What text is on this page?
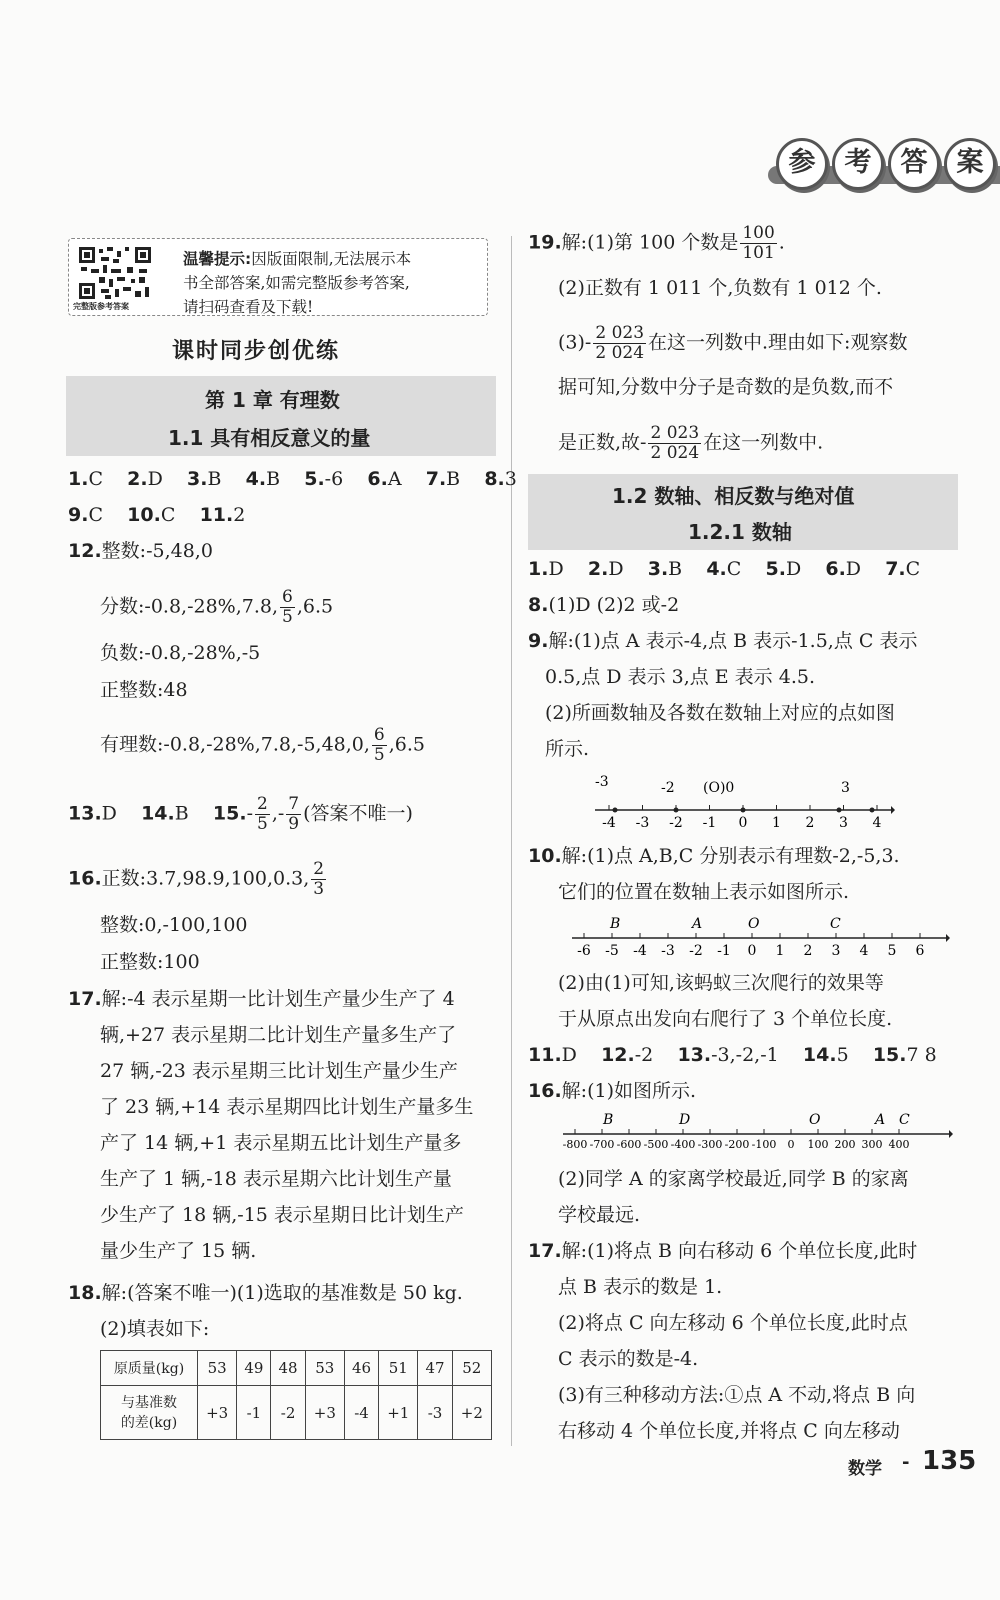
参	考	答	案
完整版参考答案
温馨提示:因版面限制,无法展示本
书全部答案,如需完整版参考答案,
请扫码查看及下载!
课时同步创优练
第 1 章 有理数
1.1 具有相反意义的量
1.C 2.D 3.B 4.B 5.-6 6.A 7.B 8.3
9.C 10.C 11.2
12.整数:-5,48,0
分数:-0.8,-28%,7.8, $\frac{6}{5} ,6.5$
负数:-0.8,-28%,-5
正整数:48
有理数:-0.8,-28%,7.8,-5,48,0, $\frac{6}{5} ,6.5$
13.D 14.B $15.- \frac{2}{5}$ ,- $\frac{7}{9}$ (答案不唯一)
16.正数:3.7,98.9,100,0.3, $\frac{2}{3}$
整数:0,-100,100
正整数:100
17.解:-4 表示星期一比计划生产量少生产了 4
辆,+27 表示星期二比计划生产量多生产了
27 辆,-23 表示星期三比计划生产量少生产
了 23 辆,+14 表示星期四比计划生产量多生
产了 14 辆,+1 表示星期五比计划生产量多
生产了 1 辆,-18 表示星期六比计划生产量
少生产了 18 辆,-15 表示星期日比计划生产
量少生产了 15 辆.
18.解:(答案不唯一)(1)选取的基准数是 50 kg.
(2)填表如下:
原质量(kg)	53	49	48	53	46	51	47	52

与基准数
的差(kg)	+3	-1	-2	+3	-4	+1	-3	+2
19.解:(1)第 100 个数是 $\frac{100}{101}$ .
(2)正数有 1 011 个,负数有 1 012 个.
$(3)- \frac{2 023}{2 024}$ 在这一列数中.理由如下:观察数
据可知,分数中分子是奇数的是负数,而不
是正数,故- $\frac{2 023}{2 024}$ 在这一列数中.
1.2 数轴、相反数与绝对值
1.2.1 数轴
1.D 2.D 3.B 4.C 5.D 6.D 7.C
8.(1)D (2)2 或-2
9.解:(1)点 A 表示-4,点 B 表示-1.5,点 C 表示
0.5,点 D 表示 3,点 E 表示 4.5.
(2)所画数轴及各数在数轴上对应的点如图
所示.
-4 -3 -2 -1 0 1 2 3 4
-3	-2 (O)0	3
10.解:(1)点 A,B,C 分别表示有理数-2,-5,3.
它们的位置在数轴上表示如图所示.
-6 -5 -4 -3 -2 -1 0 1 2 3 4 5 6
B	A	O	C
(2)由(1)可知,该蚂蚁三次爬行的效果等
于从原点出发向右爬行了 3 个单位长度.
11.D 12.-2 13.-3,-2,-1 14.5 15.7 8
16.解:(1)如图所示.
-800 -700 -600 -500 -400 -300 -200 -100 0 100 200 300 400
B	D	O	A C
(2)同学 A 的家离学校最近,同学 B 的家离
学校最远.
17.解:(1)将点 B 向右移动 6 个单位长度,此时
点 B 表示的数是 1.
(2)将点 C 向左移动 6 个单位长度,此时点
C 表示的数是-4.
(3)有三种移动方法:①点 A 不动,将点 B 向
右移动 4 个单位长度,并将点 C 向左移动
数学 - 135
